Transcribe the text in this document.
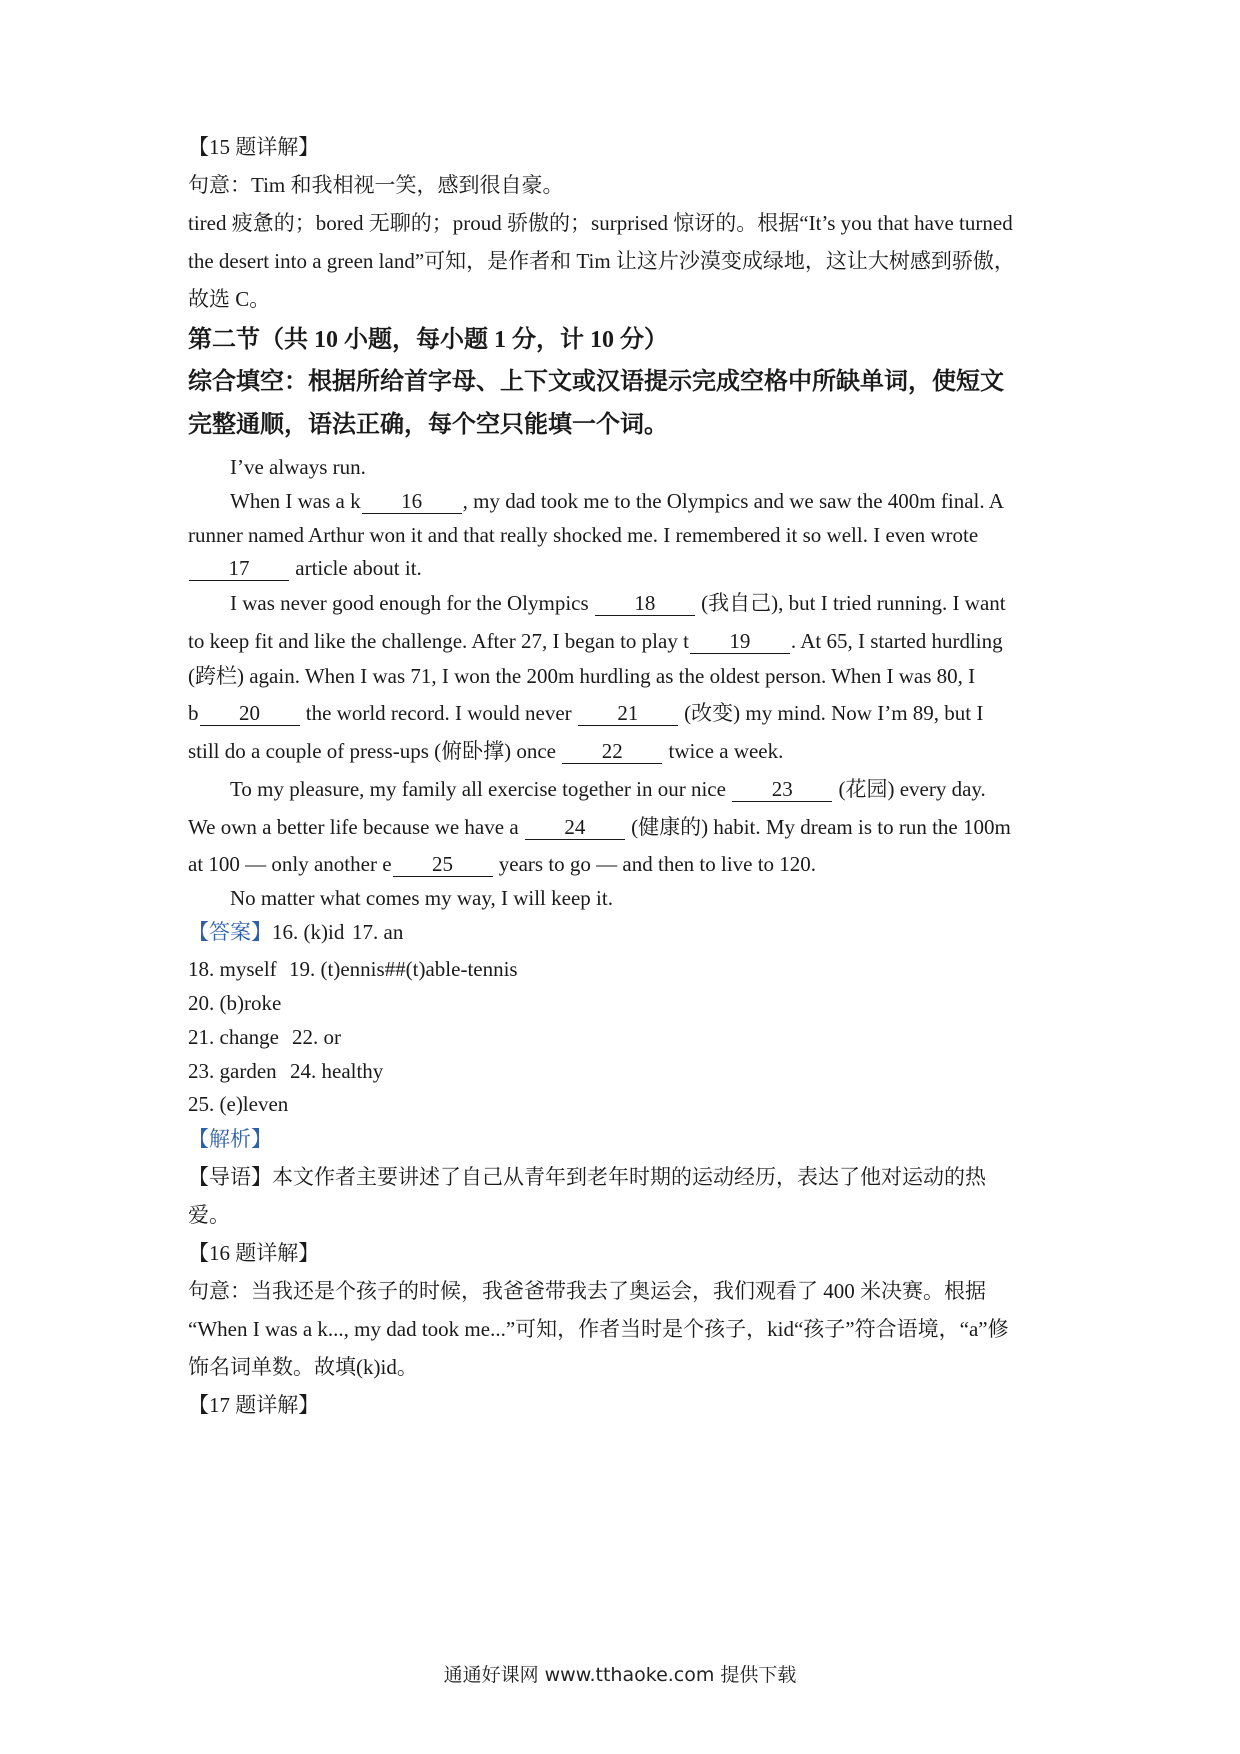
【15 题详解】
句意：Tim 和我相视一笑，感到很自豪。
tired 疲惫的；bored 无聊的；proud 骄傲的；surprised 惊讶的。根据“It’s you that have turned
the desert into a green land”可知，是作者和 Tim 让这片沙漠变成绿地，这让大树感到骄傲，
故选 C。
第二节（共 10 小题，每小题 1 分，计 10 分）
综合填空：根据所给首字母、上下文或汉语提示完成空格中所缺单词，使短文
完整通顺，语法正确，每个空只能填一个词。
I’ve always run.
When I was a k 16 , my dad took me to the Olympics and we saw the 400m final. A
runner named Arthur won it and that really shocked me. I remembered it so well. I even wrote
17 article about it.
I was never good enough for the Olympics 18 (我自己), but I tried running. I want
to keep fit and like the challenge. After 27, I began to play t 19 . At 65, I started hurdling
(跨栏) again. When I was 71, I won the 200m hurdling as the oldest person. When I was 80, I
b 20 the world record. I would never 21 (改变) my mind. Now I’m 89, but I
still do a couple of press-ups (俯卧撑) once 22 twice a week.
To my pleasure, my family all exercise together in our nice 23 (花园) every day.
We own a better life because we have a 24 (健康的) habit. My dream is to run the 100m
at 100 — only another e 25 years to go — and then to live to 120.
No matter what comes my way, I will keep it.
【答案】16. (k)id 17. an
18. myself 19. (t)ennis##(t)able-tennis
20. (b)roke
21. change 22. or
23. garden 24. healthy
25. (e)leven
【解析】
【导语】本文作者主要讲述了自己从青年到老年时期的运动经历，表达了他对运动的热
爱。
【16 题详解】
句意：当我还是个孩子的时候，我爸爸带我去了奥运会，我们观看了 400 米决赛。根据
“When I was a k..., my dad took me...”可知，作者当时是个孩子，kid“孩子”符合语境，“a”修
饰名词单数。故填(k)id。
【17 题详解】
通通好课网 www.tthaoke.com 提供下载
